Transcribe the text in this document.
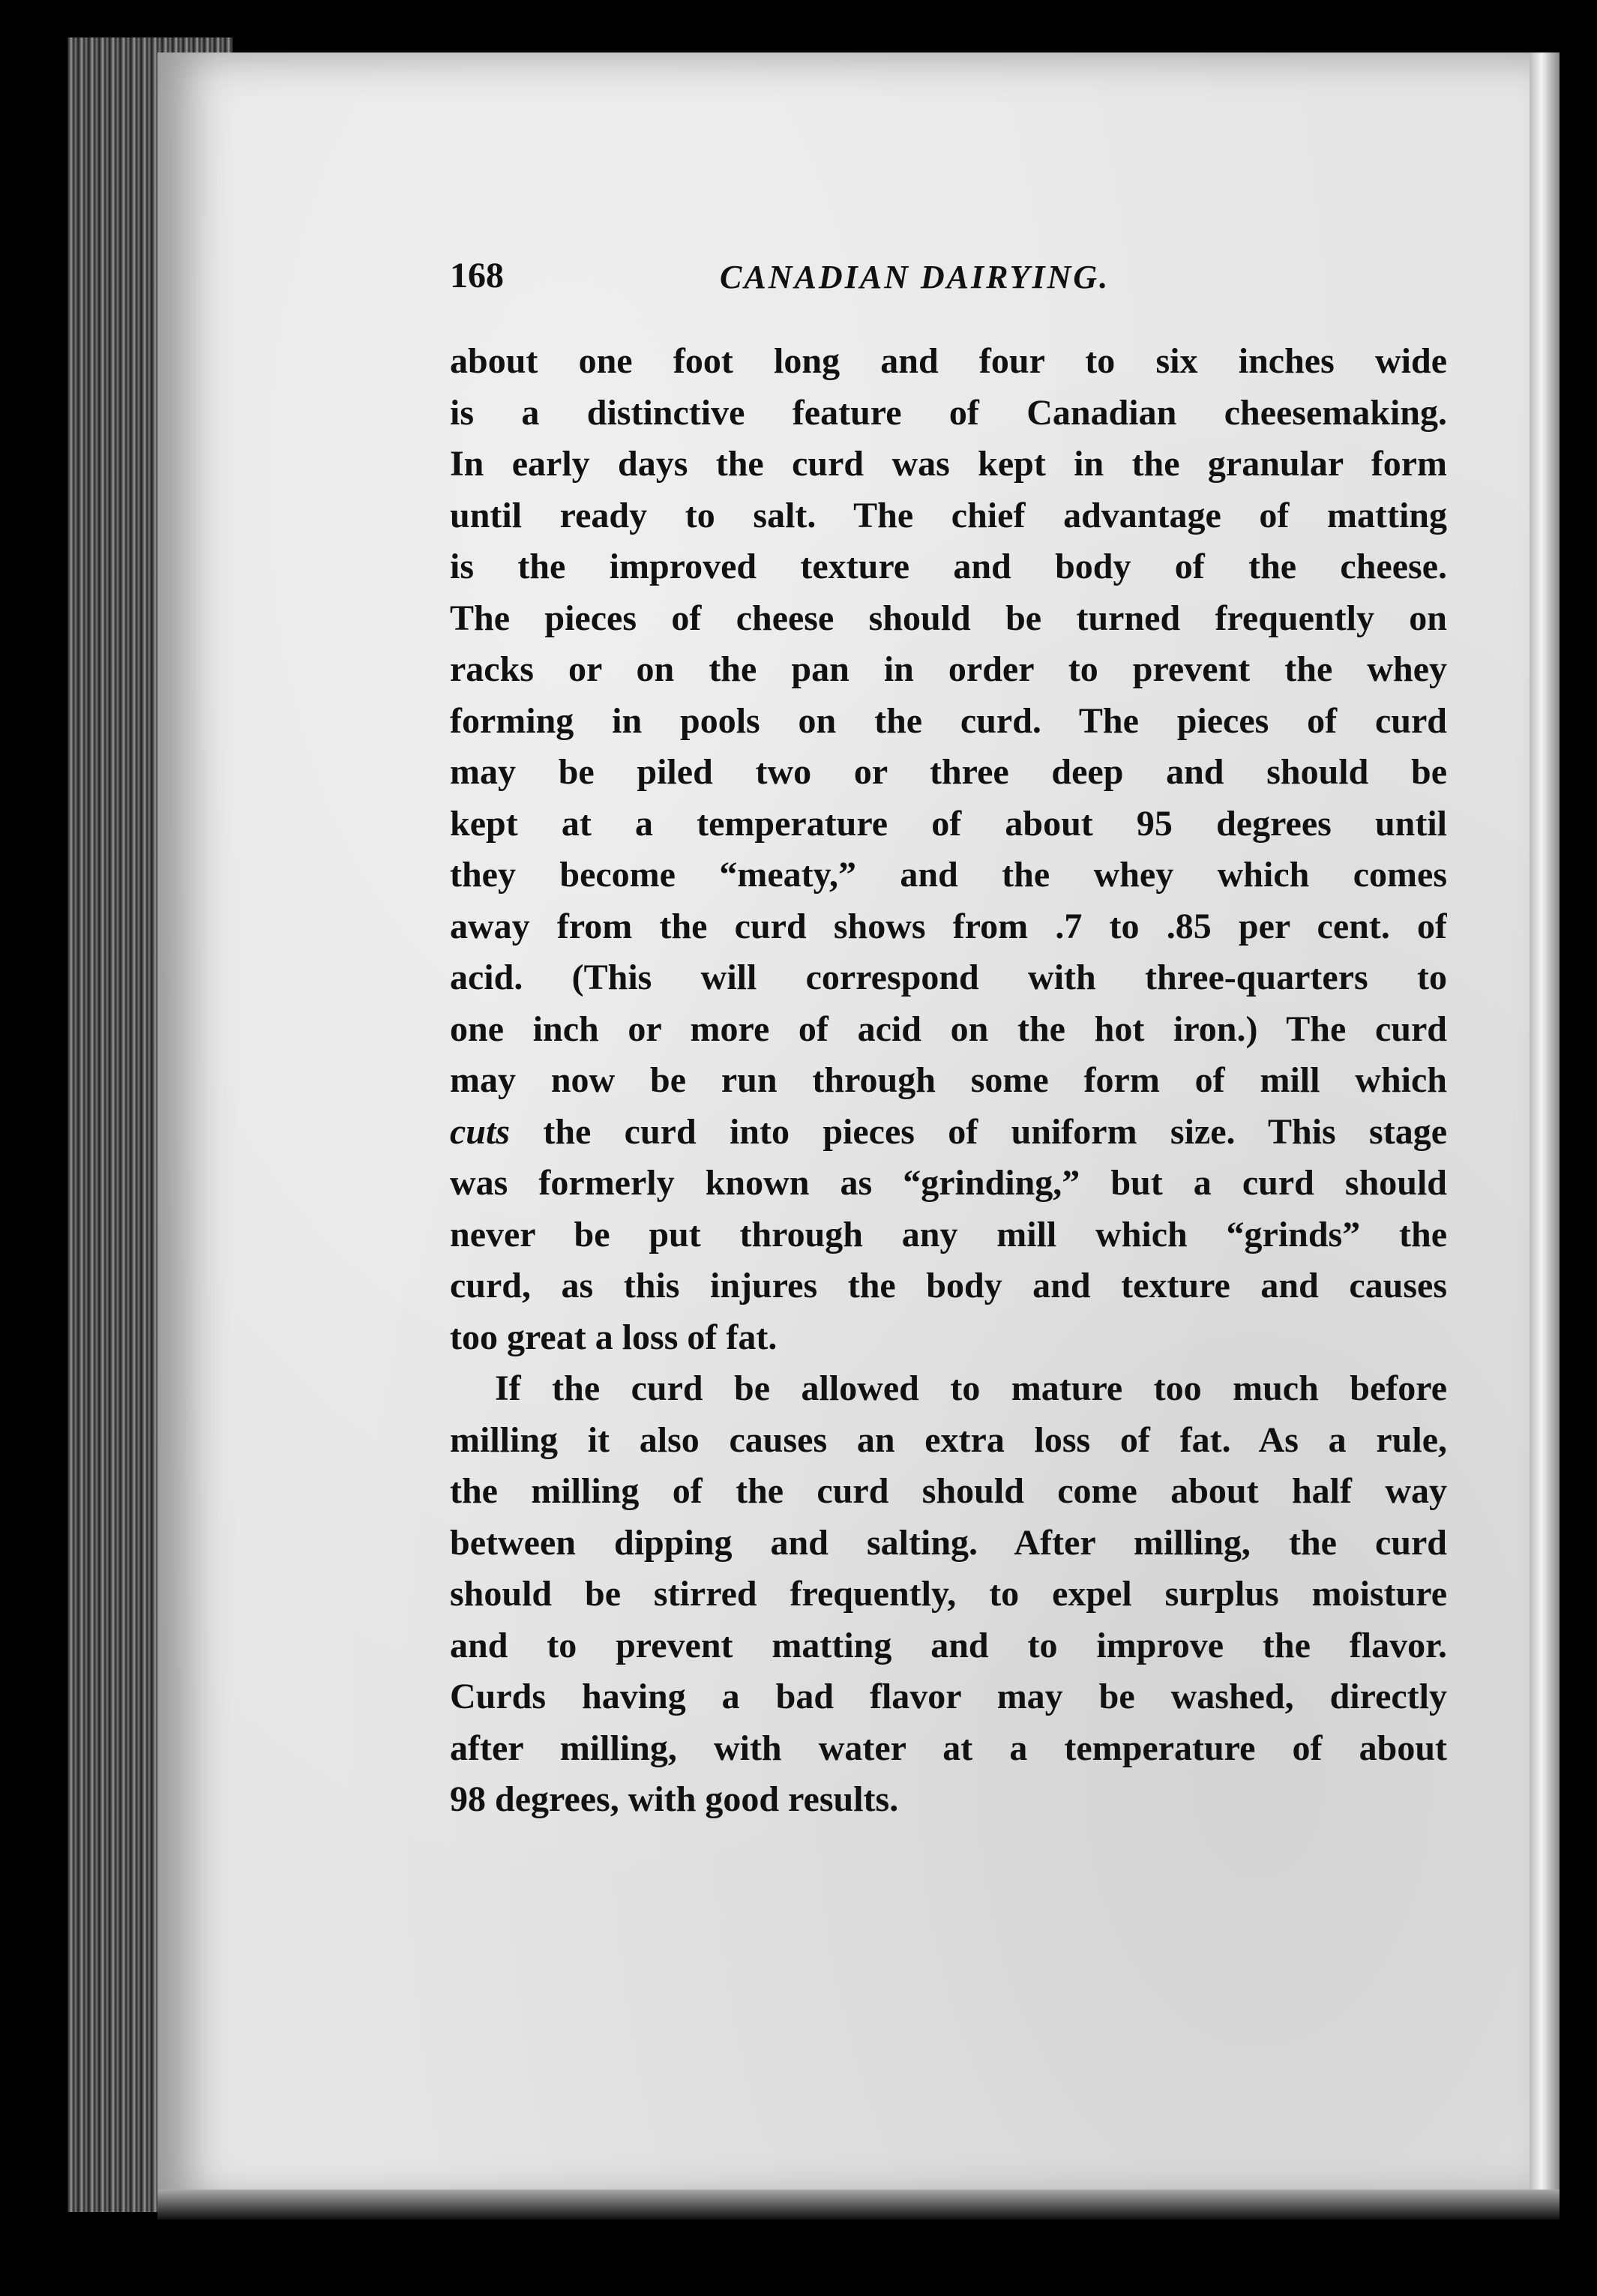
168	CANADIAN DAIRYING.
about one foot long and four to six inches wide
is a distinctive feature of Canadian cheesemaking.
In early days the curd was kept in the granular form
until ready to salt. The chief advantage of matting
is the improved texture and body of the cheese.
The pieces of cheese should be turned frequently on
racks or on the pan in order to prevent the whey
forming in pools on the curd. The pieces of curd
may be piled two or three deep and should be
kept at a temperature of about 95 degrees until
they become “meaty,” and the whey which comes
away from the curd shows from .7 to .85 per cent. of
acid. (This will correspond with three-quarters to
one inch or more of acid on the hot iron.) The curd
may now be run through some form of mill which
cuts the curd into pieces of uniform size. This stage
was formerly known as “grinding,” but a curd should
never be put through any mill which “grinds” the
curd, as this injures the body and texture and causes
too great a loss of fat.
If the curd be allowed to mature too much before
milling it also causes an extra loss of fat. As a rule,
the milling of the curd should come about half way
between dipping and salting. After milling, the curd
should be stirred frequently, to expel surplus moisture
and to prevent matting and to improve the flavor.
Curds having a bad flavor may be washed, directly
after milling, with water at a temperature of about
98 degrees, with good results.
